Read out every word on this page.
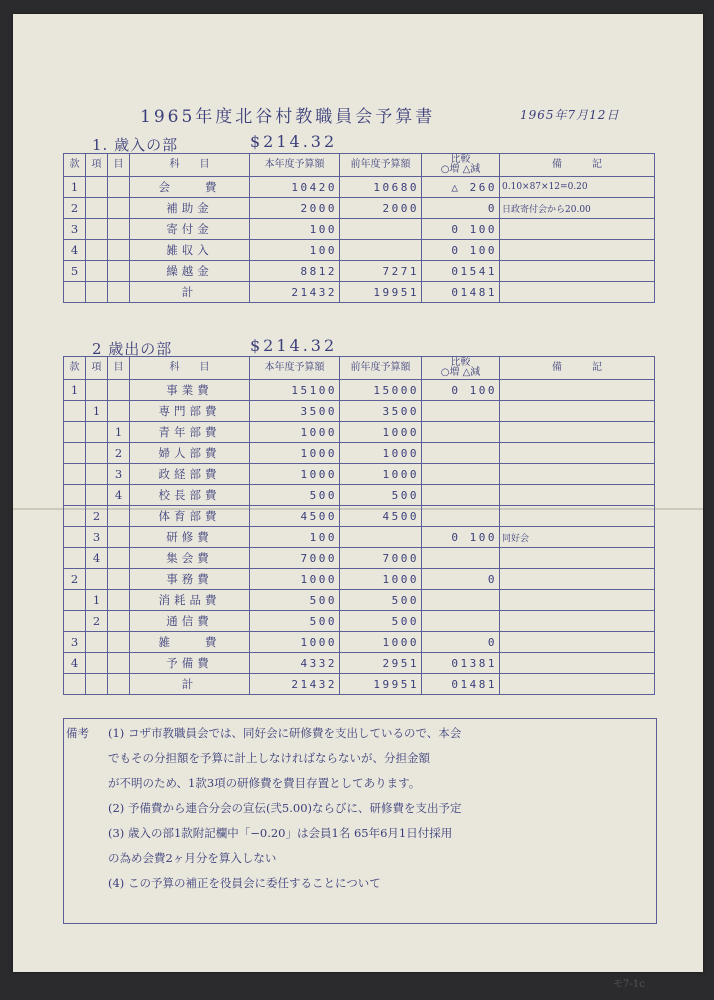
1965年度北谷村教職員会予算書	1965年7月12日
1. 歳入の部	$214.32
款	項	目	科　　目	本年度予算額	前年度予算額	比較
○増 △減	備　　　記
1			会　　費	10420	10680	△ 260	0.10×87×12=0.20
2			補助金	2000	2000	0	日政寄付会から20.00
3			寄付金	100		0 100	
4			雑収入	100		0 100	
5			繰越金	8812	7271	01541	
			計	21432	19951	01481	
2 歳出の部	$214.32
款	項	目	科　　目	本年度予算額	前年度予算額	比較
○増 △減	備　　　記
1			事業費	15100	15000	0 100	
	1		専門部費	3500	3500		
		1	青年部費	1000	1000		
		2	婦人部費	1000	1000		
		3	政経部費	1000	1000		
		4	校長部費	500	500		
	2		体育部費	4500	4500		
	3		研修費	100		0 100	同好会
	4		集会費	7000	7000		
2			事務費	1000	1000	0	
	1		消耗品費	500	500		
	2		通信費	500	500		
3			雑　　費	1000	1000	0	
4			予備費	4332	2951	01381	
			計	21432	19951	01481	
備考 (1) コザ市教職員会では、同好会に研修費を支出しているので、本会

でもその分担額を予算に計上しなければならないが、分担金額

が不明のため、1款3項の研修費を費目存置としてあります。

(2) 予備費から連合分会の宣伝(弐5.00)ならびに、研修費を支出予定

(3) 歳入の部1款附記欄中「−0.20」は会員1名 65年6月1日付採用

の為め会費2ヶ月分を算入しない

(4) この予算の補正を役員会に委任することについて

モ7-1c
